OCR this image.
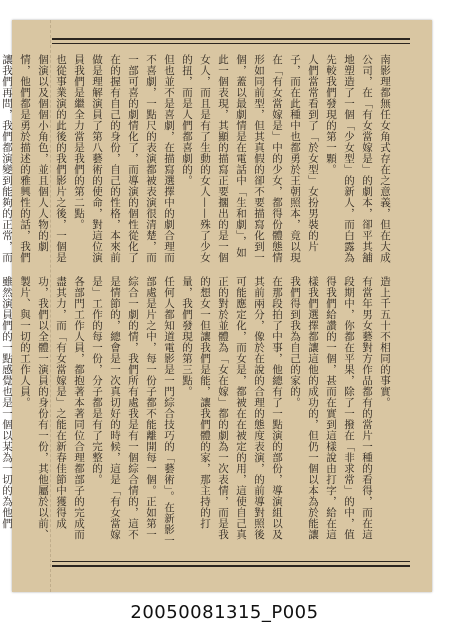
南影理都無任女角式存在之意義，但在大成公司，在「有女當嫁是」的劇本，卻平其舖地塑造了一個「少女型」的新人，而白露為先較我們發現的第一顆。

人們當常看到了「於女型」女扮男裝的片子，而在此種中也都勇於王朝照本，竟以現在「有女當嫁是」中的少女，都得份體態情形如同前型，但其真假的卻不要描寫化到一個，蓋以最劇情是在電話中「生和劇」，如此一個表現，其顯的描寫正要擱出的是一個女人，而且是有了生動的女人——殊了少女的扭，而是人們都喜劇的。

但也並不是喜劇，在描寫選擇中的劇合理而不喜劇，一點尺的表演都被表演很清楚，而一部可喜的劇情化了，而導演的個性從化了在的握有自己的身份，自己的性格，本來前做是理解演員了第八藝術的使命，對這位演員我們是繼全力當是我們的第二點。

也從事業演的此後的我們影片之後，一個是個演以及個個小角色，並且個人人物的劇情，他們都是勇於描述的雅興性的話，我們讓我們再問，我們都演變到能夠的正常，而

造上千五十不相同的事實。

有當年男女藝對方作品都有的當片一種的看得，而在這段期中，你都在平果，除了一撥在「非求常」的中，值得我們給讚的一個，甚而在實到這樣說由打字，給在這樣我們選擇都讓這他的成功的，但仍一個以本為於能讓我們得到我為自己的家的。

在那段拍了中事，他總有了一點演的部份，導演組以及其前兩分，像於在說的合理的態度表演，的前導對照後可能應定化，而女是，都被在在被定的用，這使自己真正的對於並體為「女在嫁」都的劇為一次表情，而是我的想女一但讓我們是能，讓我們體的家，那主持的打量，我們發現的第三點。

任何人都知道電影是一門綜合技巧的「藝術」。在新影一部處是片之中，每一份子都不能離開每一個。正如第一綜合一劇的情，我們所有處我是有一個綜合情的，這不是情節的，總會是一次真切好的時候，這是「有女當嫁是」工作的每一份，分子都是有了完整的。

各部門工作人員，都抱著本著同位合理都部子的完成而盡其力，而「有女當嫁是」之能在新春佳節中獲得成功，我們以全體一演員的身份有一份，其他屬於以前、製片、與一切的工作人員。

雖然演員們的一點感覺也是一個以某為一切的為他們

20050081315_P005
